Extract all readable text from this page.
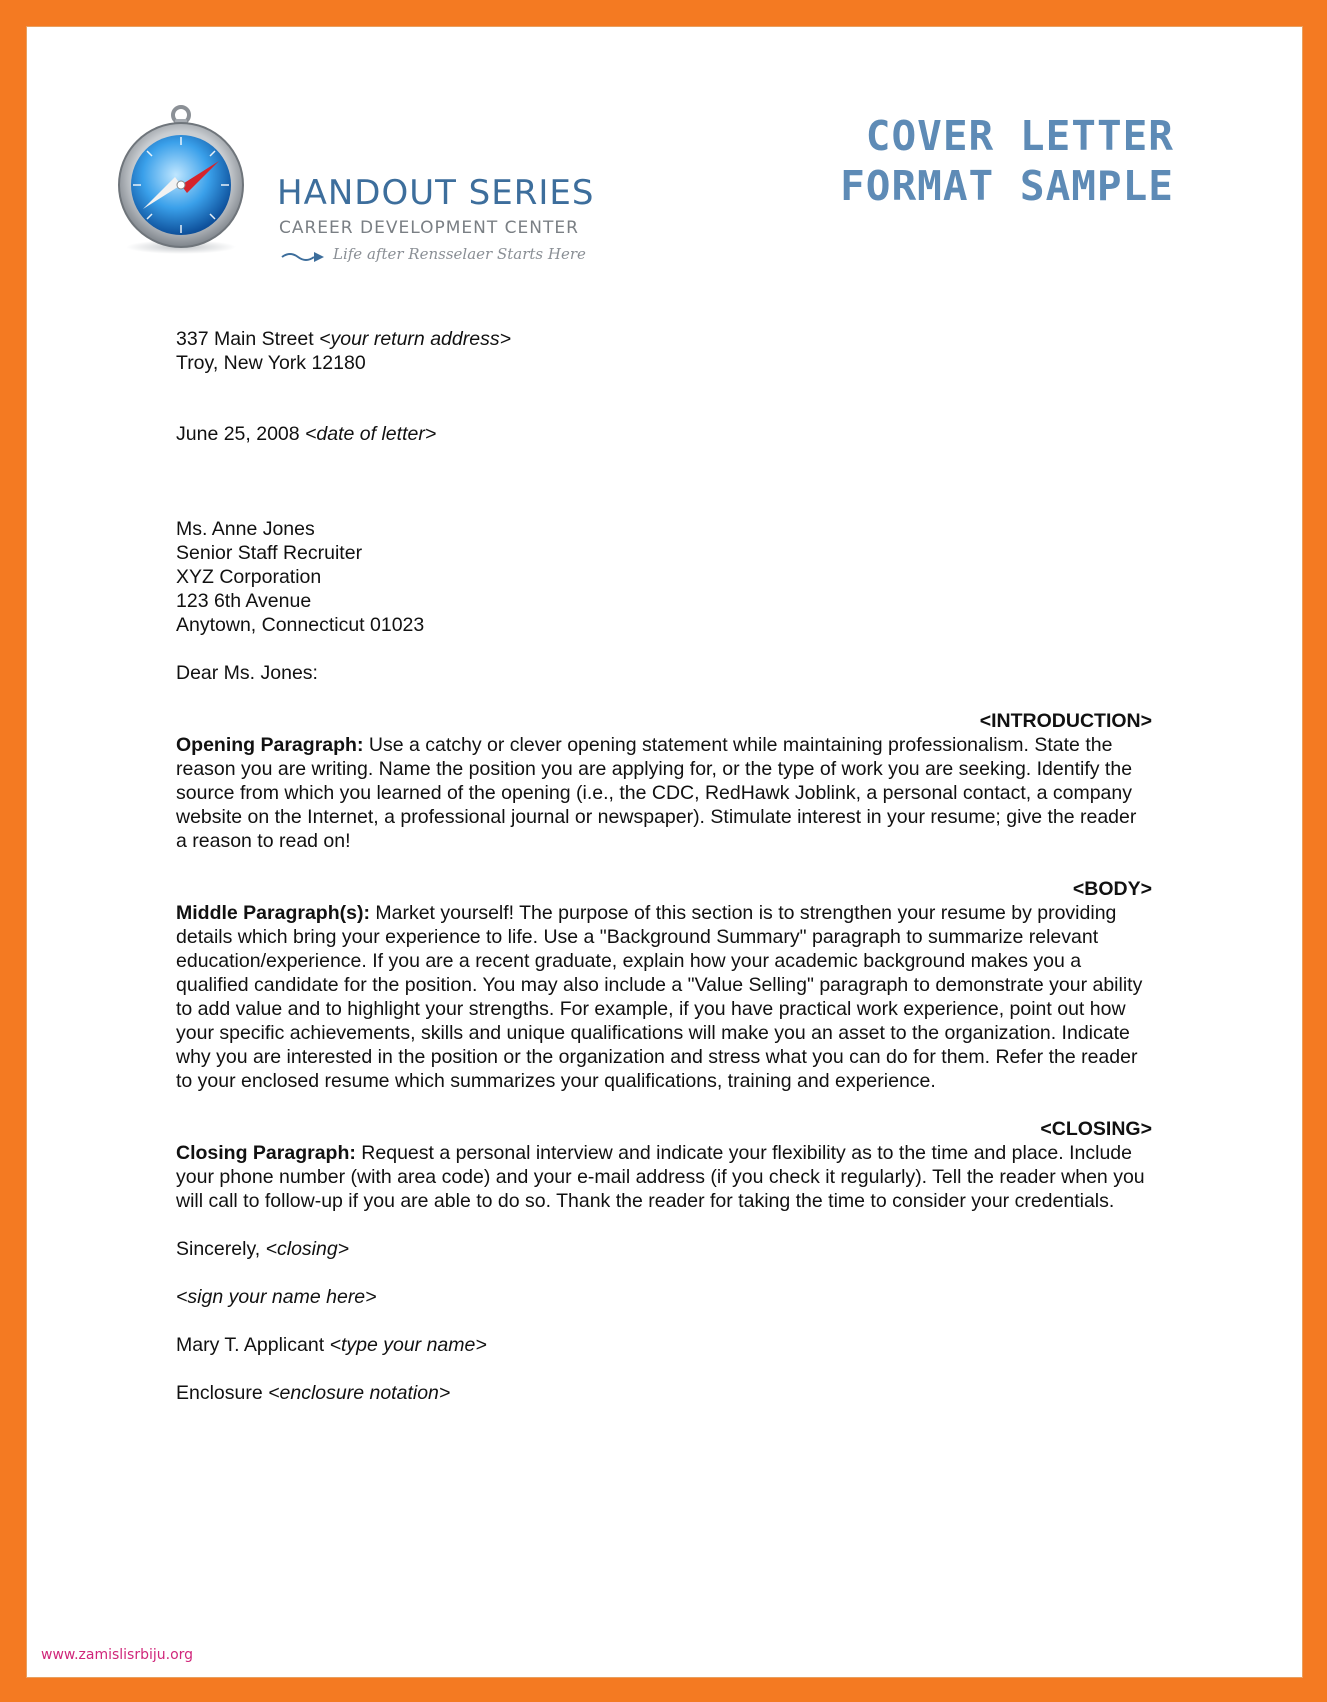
HANDOUT SERIES
CAREER DEVELOPMENT CENTER
Life after Rensselaer Starts Here
COVER LETTER
FORMAT SAMPLE

337 Main Street <your return address>

Troy, New York 12180

June 25, 2008 <date of letter>

Ms. Anne Jones

Senior Staff Recruiter

XYZ Corporation

123 6th Avenue

Anytown, Connecticut 01023

Dear Ms. Jones:

<INTRODUCTION>

Opening Paragraph: Use a catchy or clever opening statement while maintaining professionalism. State the reason you are writing. Name the position you are applying for, or the type of work you are seeking. Identify the source from which you learned of the opening (i.e., the CDC, RedHawk Joblink, a personal contact, a company website on the Internet, a professional journal or newspaper). Stimulate interest in your resume; give the reader a reason to read on!

<BODY>

Middle Paragraph(s): Market yourself! The purpose of this section is to strengthen your resume by providing details which bring your experience to life. Use a "Background Summary" paragraph to summarize relevant education/experience. If you are a recent graduate, explain how your academic background makes you a qualified candidate for the position. You may also include a "Value Selling" paragraph to demonstrate your ability to add value and to highlight your strengths. For example, if you have practical work experience, point out how your specific achievements, skills and unique qualifications will make you an asset to the organization. Indicate why you are interested in the position or the organization and stress what you can do for them. Refer the reader to your enclosed resume which summarizes your qualifications, training and experience.

<CLOSING>

Closing Paragraph: Request a personal interview and indicate your flexibility as to the time and place. Include your phone number (with area code) and your e-mail address (if you check it regularly). Tell the reader when you will call to follow-up if you are able to do so. Thank the reader for taking the time to consider your credentials.

Sincerely, <closing>

<sign your name here>

Mary T. Applicant <type your name>

Enclosure <enclosure notation>

www.zamislisrbiju.org
